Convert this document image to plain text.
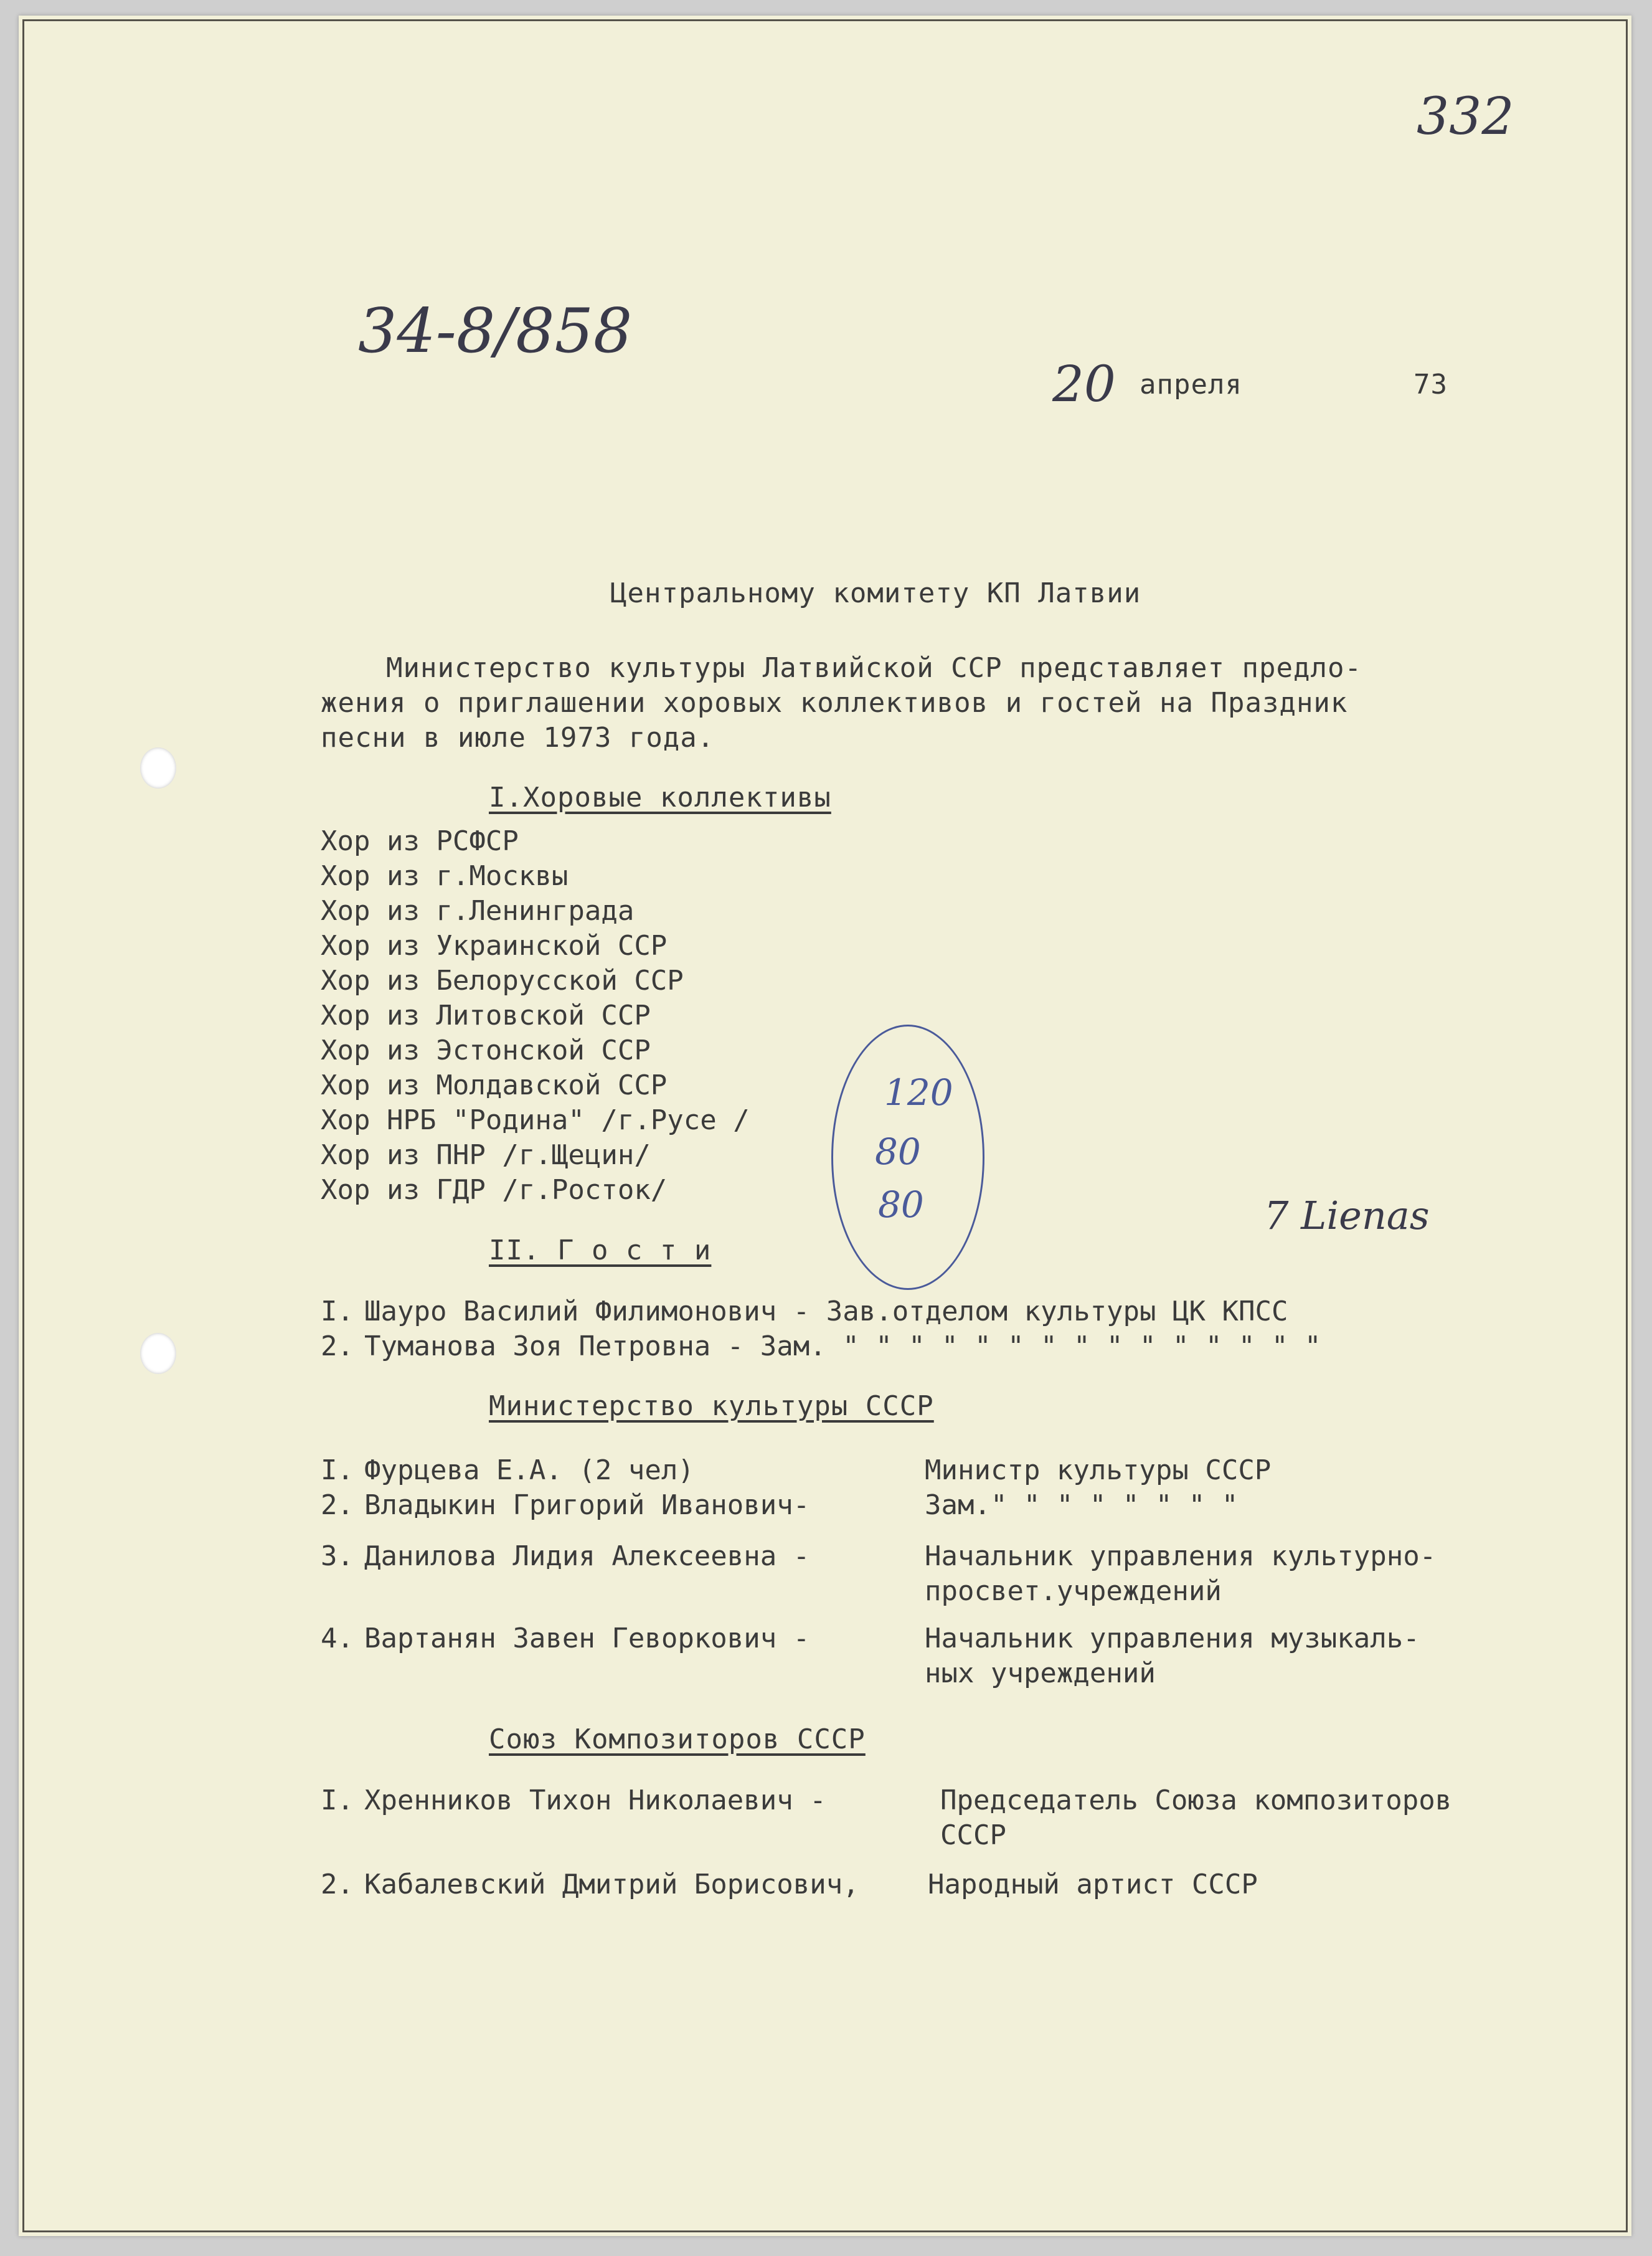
332
34-8/858
20 апреля	73
Центральному комитету КП Латвии
Министерство культуры Латвийской ССР представляет предло-
жения о приглашении хоровых коллективов и гостей на Праздник
песни в июле 1973 года.
I.Хоровые коллективы
Хор из РСФСР
Хор из г.Москвы
Хор из г.Ленинграда
Хор из Украинской ССР
Хор из Белорусской ССР
Хор из Литовской ССР
Хор из Эстонской ССР
Хор из Молдавской ССР
Хор НРБ "Родина" /г.Русе /
Хор из ПНР /г.Щецин/
Хор из ГДР /г.Росток/
120
80
80	7 Lienas
II. Г о с т и
I. Шауро Василий Филимонович - Зав.отделом культуры ЦК КПСС
2. Туманова Зоя Петровна - Зам. " " " " " " " " " " " " " " "
Министерство культуры СССР
I. Фурцева Е.А. (2 чел)	Министр культуры СССР
2. Владыкин Григорий Иванович-	Зам." " " " " " " "
3. Данилова Лидия Алексеевна -	Начальник управления культурно-
просвет.учреждений
4. Вартанян Завен Геворкович -	Начальник управления музыкаль-
ных учреждений
Союз Композиторов СССР
I. Хренников Тихон Николаевич -	Председатель Союза композиторов
СССР
2. Кабалевский Дмитрий Борисович,	Народный артист СССР
